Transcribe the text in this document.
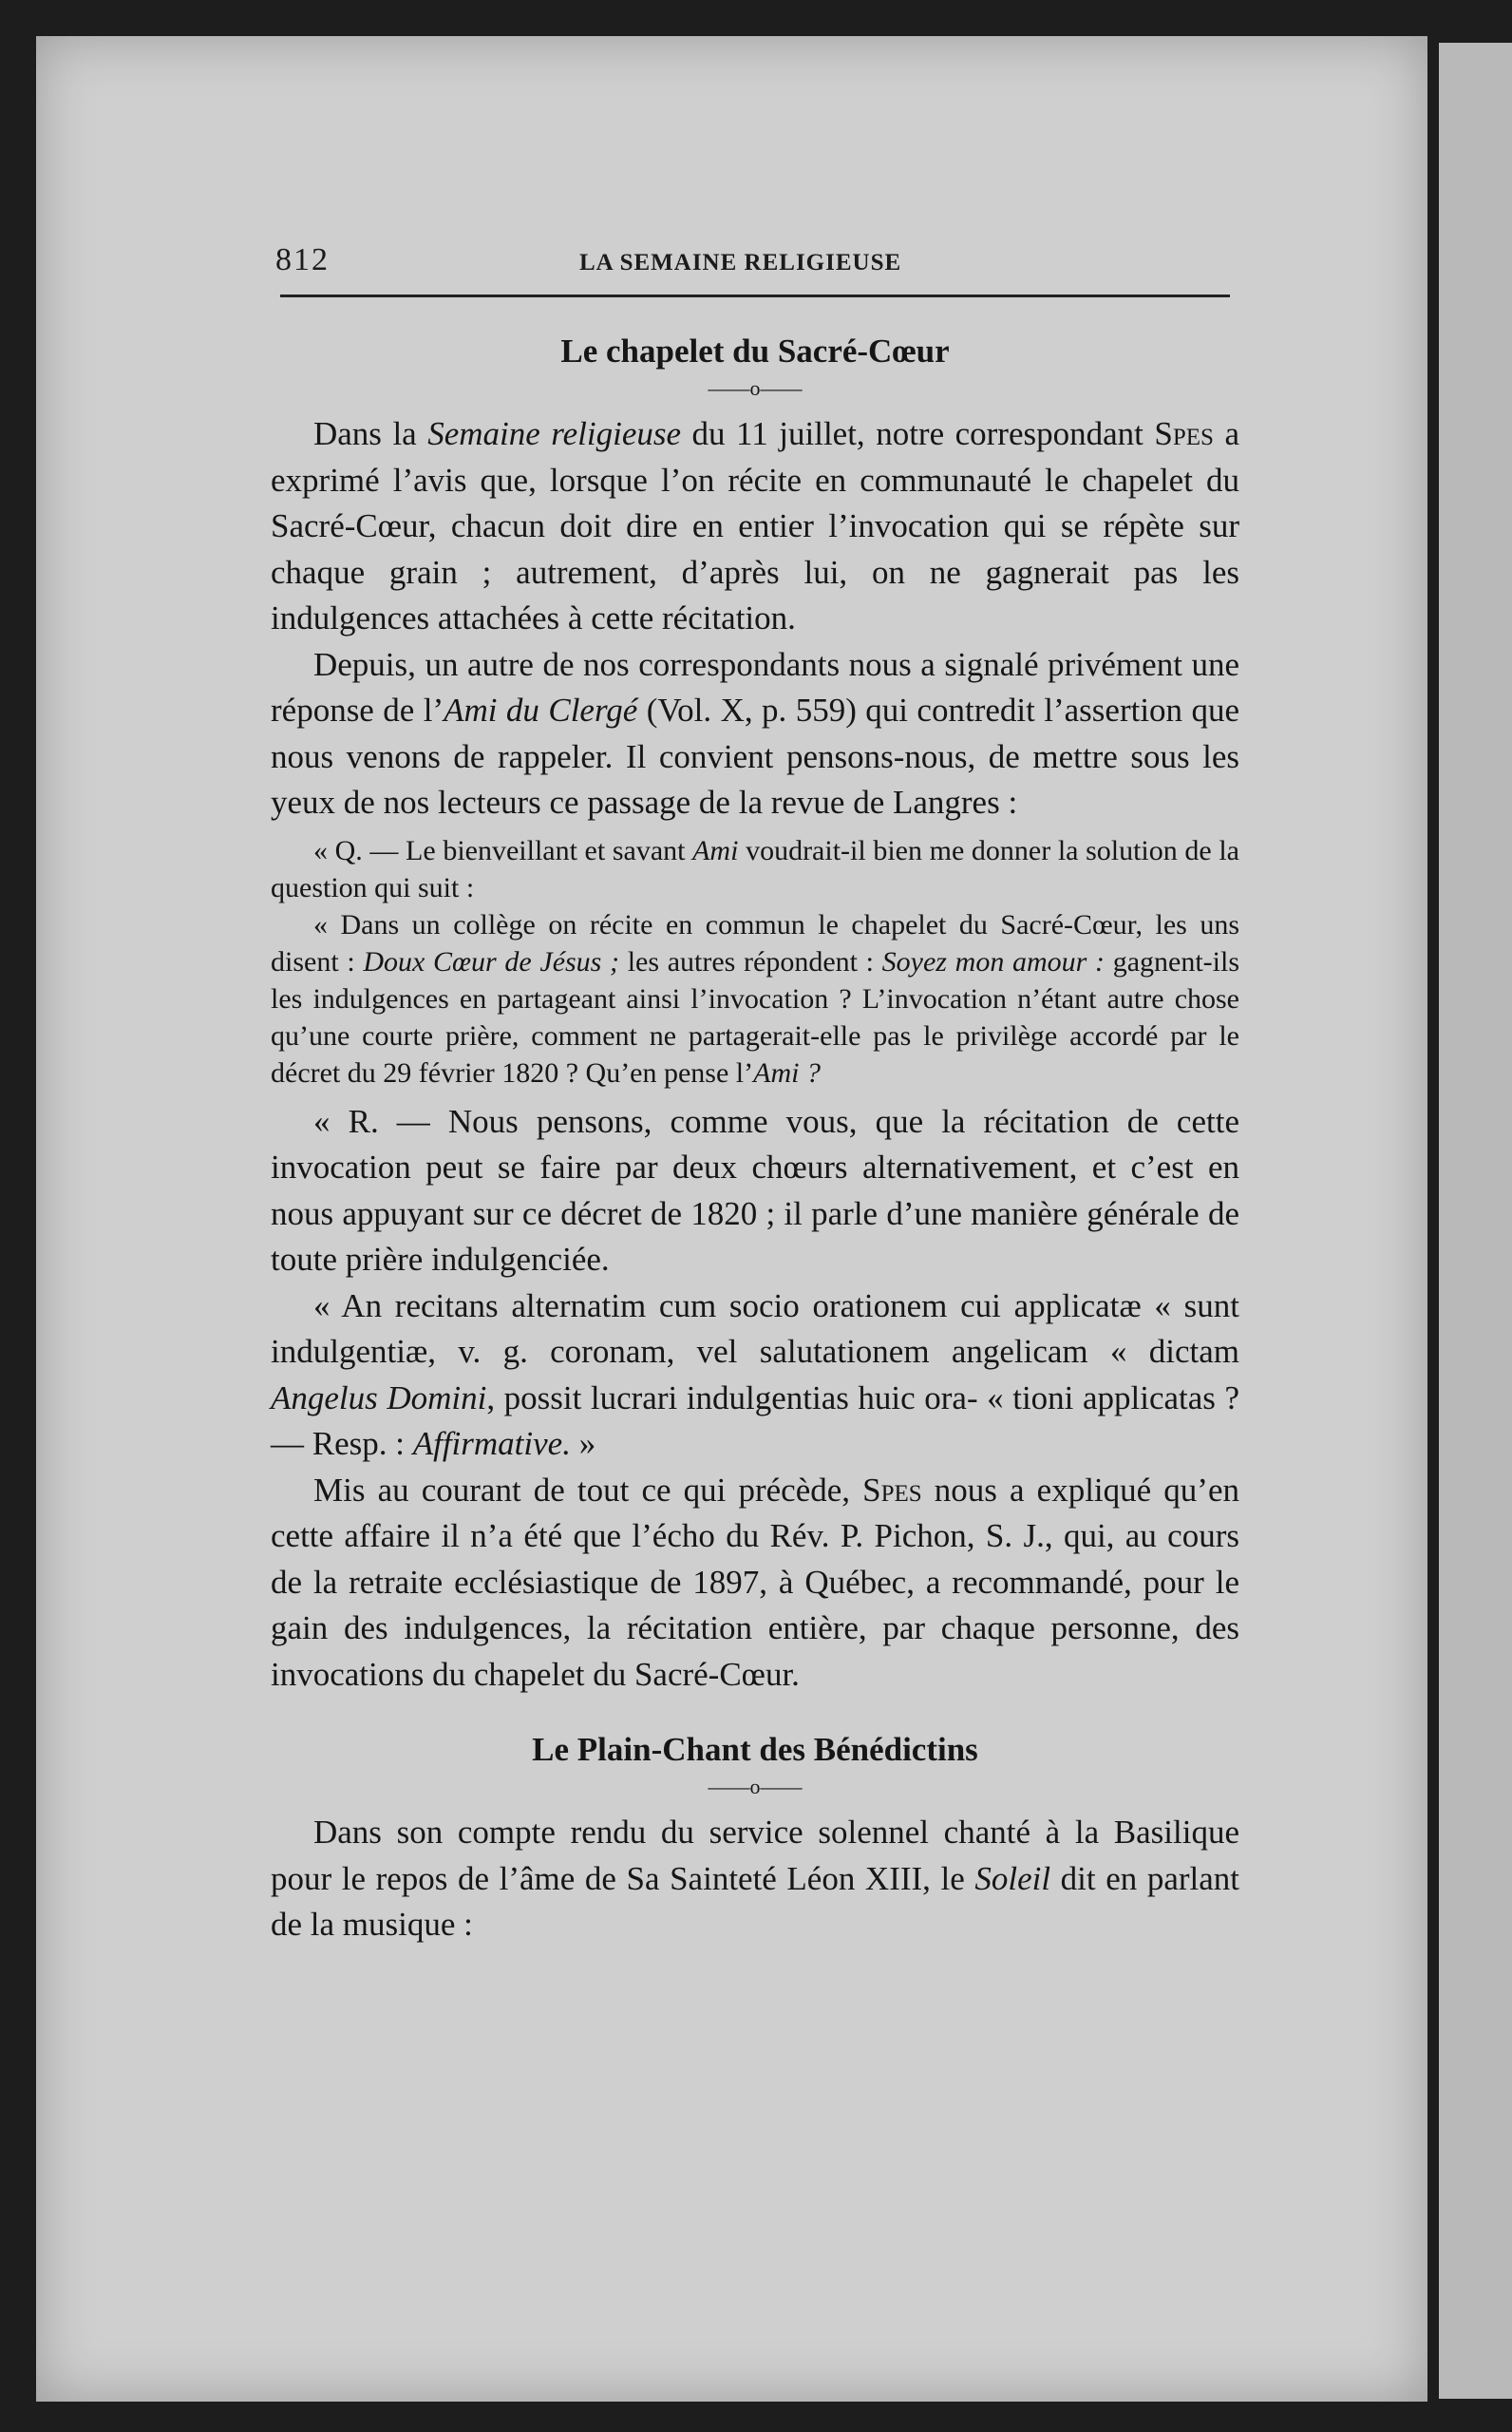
812	LA SEMAINE RELIGIEUSE
Le chapelet du Sacré-Cœur
——o——

Dans la Semaine religieuse du 11 juillet, notre correspondant Spes a exprimé l’avis que, lorsque l’on récite en communauté le chapelet du Sacré-Cœur, chacun doit dire en entier l’invocation qui se répète sur chaque grain ; autrement, d’après lui, on ne gagnerait pas les indulgences attachées à cette récitation.

Depuis, un autre de nos correspondants nous a signalé privément une réponse de l’Ami du Clergé (Vol. X, p. 559) qui contredit l’assertion que nous venons de rappeler. Il convient pensons-nous, de mettre sous les yeux de nos lecteurs ce passage de la revue de Langres :

« Q. — Le bienveillant et savant Ami voudrait-il bien me donner la solution de la question qui suit :

« Dans un collège on récite en commun le chapelet du Sacré-Cœur, les uns disent : Doux Cœur de Jésus ; les autres répondent : Soyez mon amour : gagnent-ils les indulgences en partageant ainsi l’invocation ? L’invocation n’étant autre chose qu’une courte prière, comment ne partagerait-elle pas le privilège accordé par le décret du 29 février 1820 ? Qu’en pense l’Ami ?

« R. — Nous pensons, comme vous, que la récitation de cette invocation peut se faire par deux chœurs alternativement, et c’est en nous appuyant sur ce décret de 1820 ; il parle d’une manière générale de toute prière indulgenciée.

« An recitans alternatim cum socio orationem cui applicatæ « sunt indulgentiæ, v. g. coronam, vel salutationem angelicam « dictam Angelus Domini, possit lucrari indulgentias huic ora- « tioni applicatas ? — Resp. : Affirmative. »

Mis au courant de tout ce qui précède, Spes nous a expliqué qu’en cette affaire il n’a été que l’écho du Rév. P. Pichon, S. J., qui, au cours de la retraite ecclésiastique de 1897, à Québec, a recommandé, pour le gain des indulgences, la récitation entière, par chaque personne, des invocations du chapelet du Sacré-Cœur.

Le Plain-Chant des Bénédictins
——o——

Dans son compte rendu du service solennel chanté à la Basilique pour le repos de l’âme de Sa Sainteté Léon XIII, le Soleil dit en parlant de la musique :
